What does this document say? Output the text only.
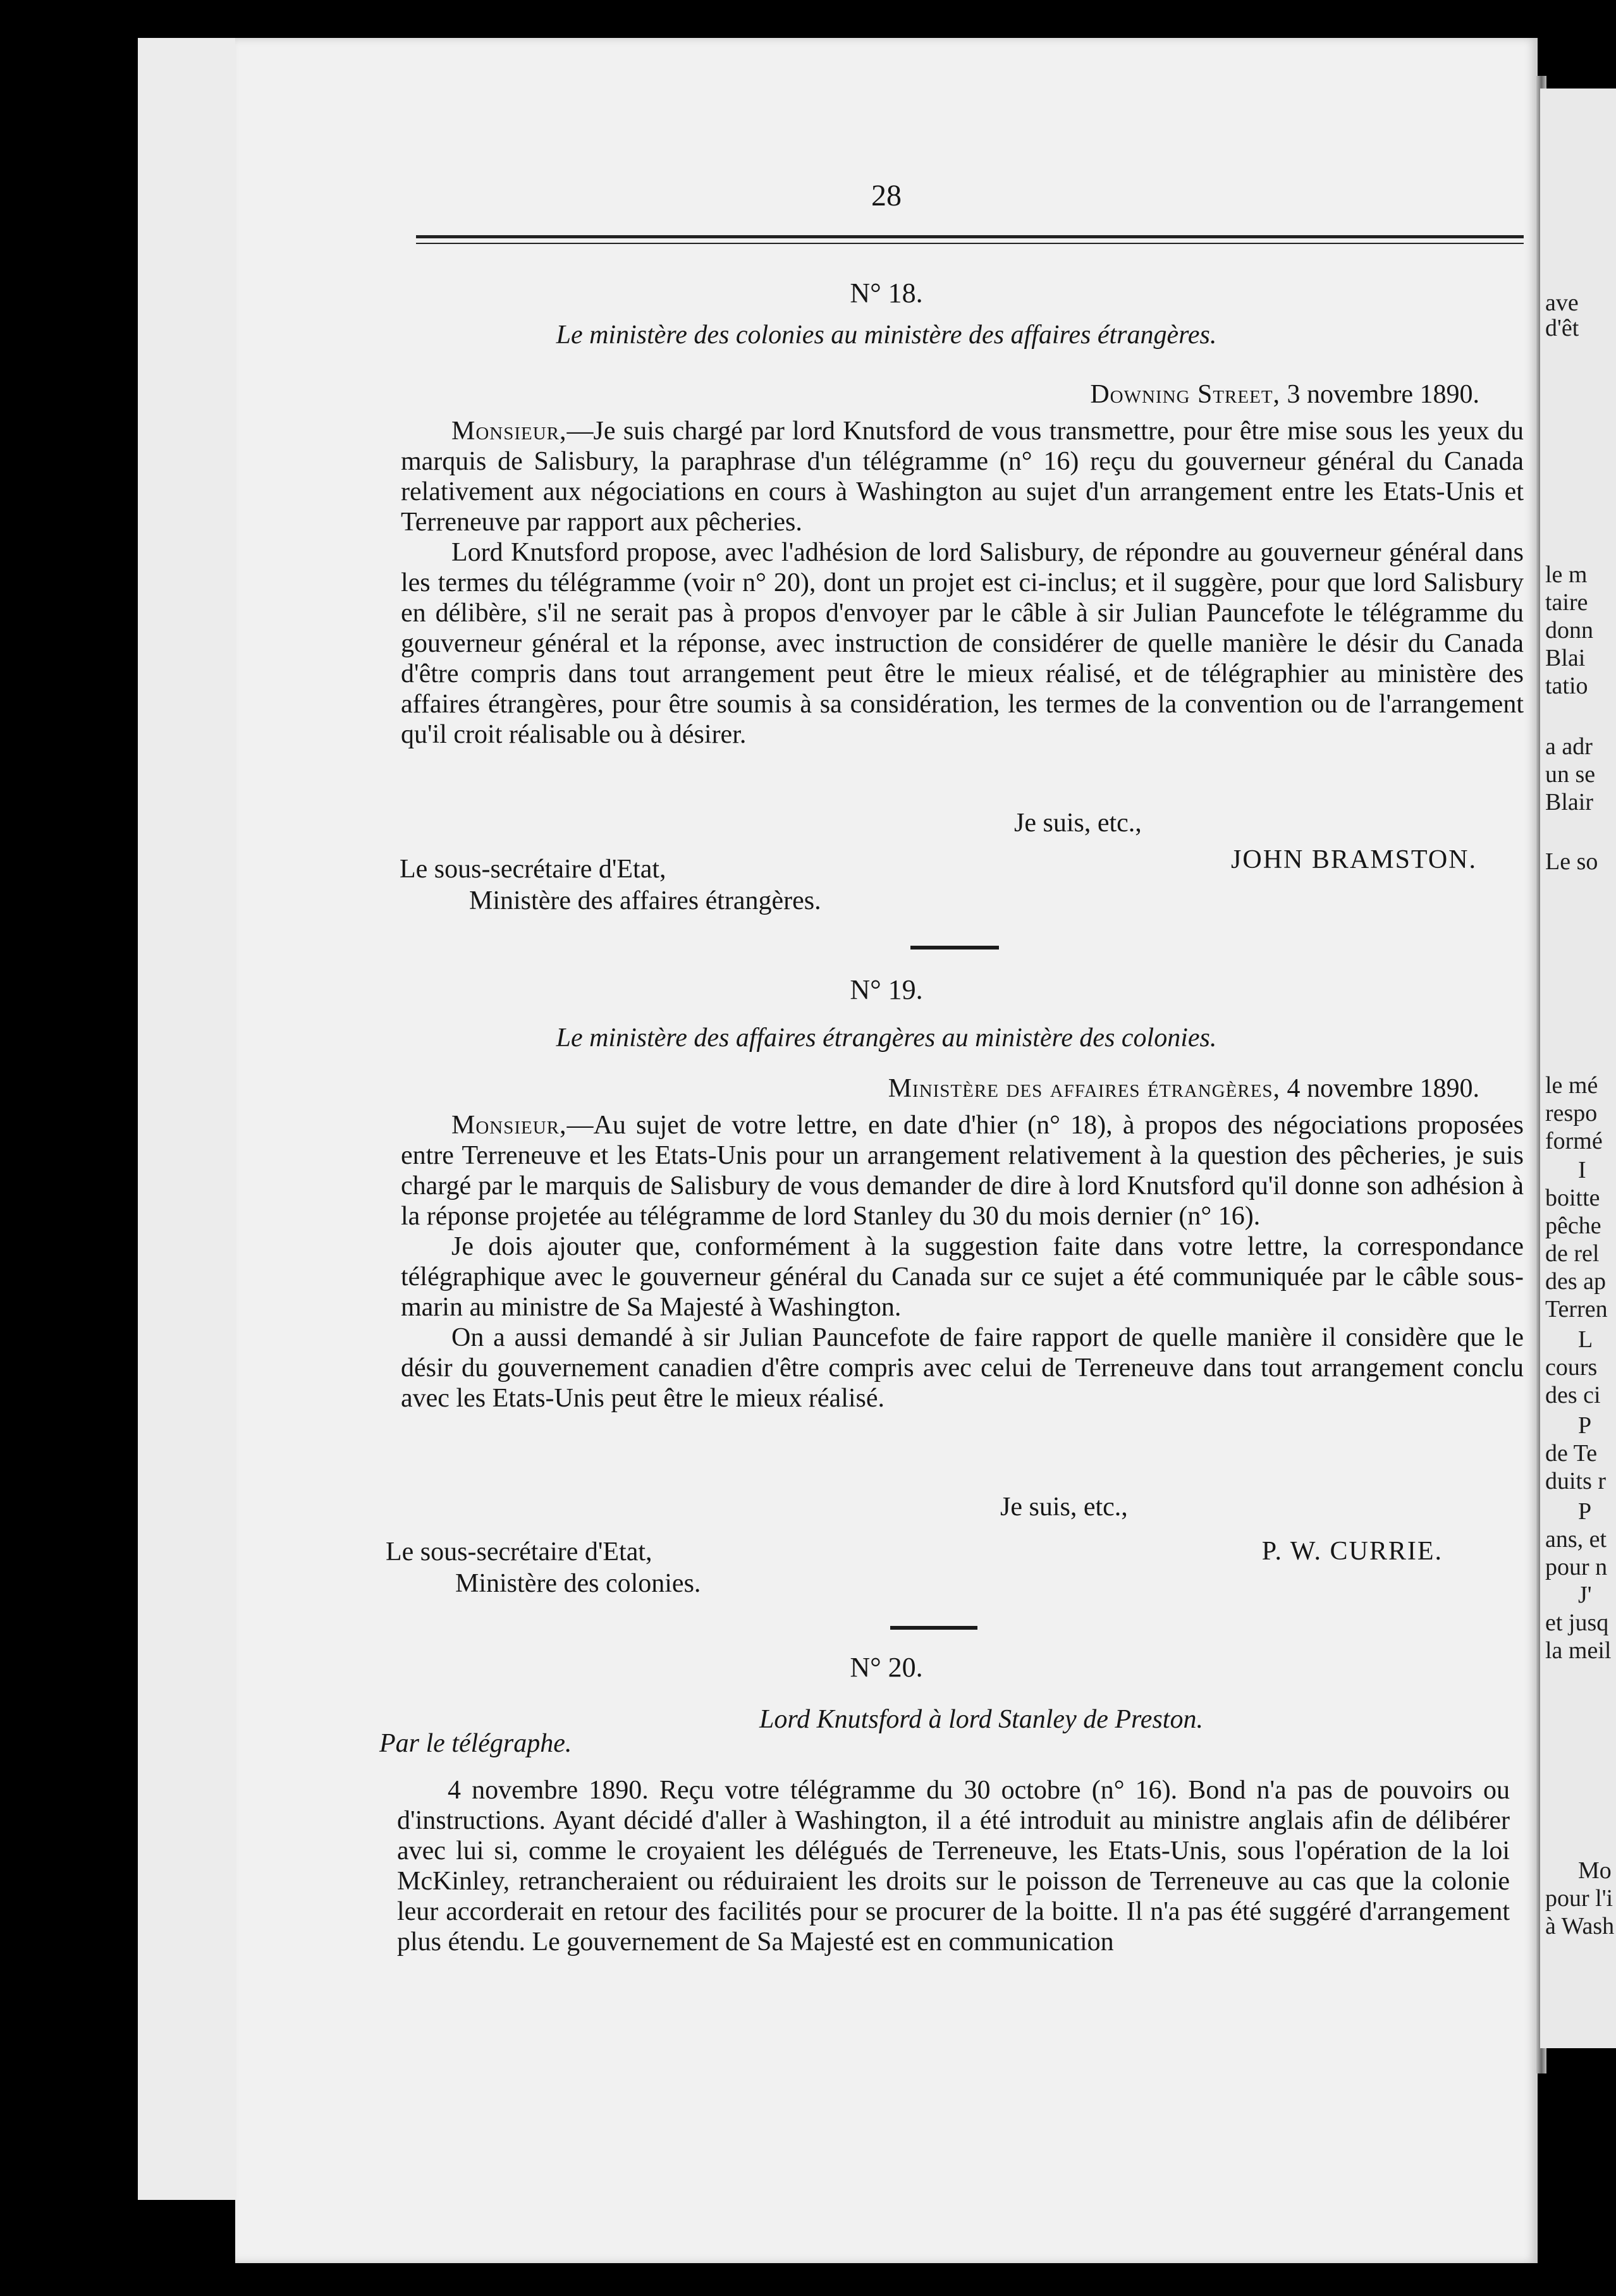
28
N° 18.
Le ministère des colonies au ministère des affaires étrangères.
Downing Street, 3 novembre 1890.

Monsieur,—Je suis chargé par lord Knutsford de vous transmettre, pour être mise sous les yeux du marquis de Salisbury, la paraphrase d'un télégramme (n° 16) reçu du gouverneur général du Canada relativement aux négociations en cours à Washington au sujet d'un arrangement entre les Etats-Unis et Terreneuve par rapport aux pêcheries.

Lord Knutsford propose, avec l'adhésion de lord Salisbury, de répondre au gouverneur général dans les termes du télégramme (voir n° 20), dont un projet est ci-inclus; et il suggère, pour que lord Salisbury en délibère, s'il ne serait pas à propos d'envoyer par le câble à sir Julian Pauncefote le télégramme du gouverneur général et la réponse, avec instruction de considérer de quelle manière le désir du Canada d'être compris dans tout arrangement peut être le mieux réalisé, et de télégraphier au ministère des affaires étrangères, pour être soumis à sa considération, les termes de la convention ou de l'arrangement qu'il croit réalisable ou à désirer.

Je suis, etc.,
JOHN BRAMSTON.
Le sous-secrétaire d'Etat,
Ministère des affaires étrangères.
N° 19.
Le ministère des affaires étrangères au ministère des colonies.
Ministère des affaires étrangères, 4 novembre 1890.

Monsieur,—Au sujet de votre lettre, en date d'hier (n° 18), à propos des négociations proposées entre Terreneuve et les Etats-Unis pour un arrangement relativement à la question des pêcheries, je suis chargé par le marquis de Salisbury de vous demander de dire à lord Knutsford qu'il donne son adhésion à la réponse projetée au télégramme de lord Stanley du 30 du mois dernier (n° 16).

Je dois ajouter que, conformément à la suggestion faite dans votre lettre, la correspondance télégraphique avec le gouverneur général du Canada sur ce sujet a été communiquée par le câble sous-marin au ministre de Sa Majesté à Washington.

On a aussi demandé à sir Julian Pauncefote de faire rapport de quelle manière il considère que le désir du gouvernement canadien d'être compris avec celui de Terreneuve dans tout arrangement conclu avec les Etats-Unis peut être le mieux réalisé.

Je suis, etc.,
P. W. CURRIE.
Le sous-secrétaire d'Etat,
Ministère des colonies.
N° 20.
Lord Knutsford à lord Stanley de Preston.
Par le télégraphe.

4 novembre 1890. Reçu votre télégramme du 30 octobre (n° 16). Bond n'a pas de pouvoirs ou d'instructions. Ayant décidé d'aller à Washington, il a été introduit au ministre anglais afin de délibérer avec lui si, comme le croyaient les délégués de Terreneuve, les Etats-Unis, sous l'opération de la loi McKinley, retrancheraient ou réduiraient les droits sur le poisson de Terreneuve au cas que la colonie leur accorderait en retour des facilités pour se procurer de la boitte. Il n'a pas été suggéré d'arrangement plus étendu. Le gouvernement de Sa Majesté est en communication

ave
d'êt
le m
taire
donn
Blai
tatio
a adr
un se
Blair
Le so
le mé
respo
formé
I
boitte
pêche
de rel
des ap
Terren
L
cours
des ci
P
de Te
duits r
P
ans, et
pour n
J'
et jusq
la meil
Mo
pour l'i
à Wash
